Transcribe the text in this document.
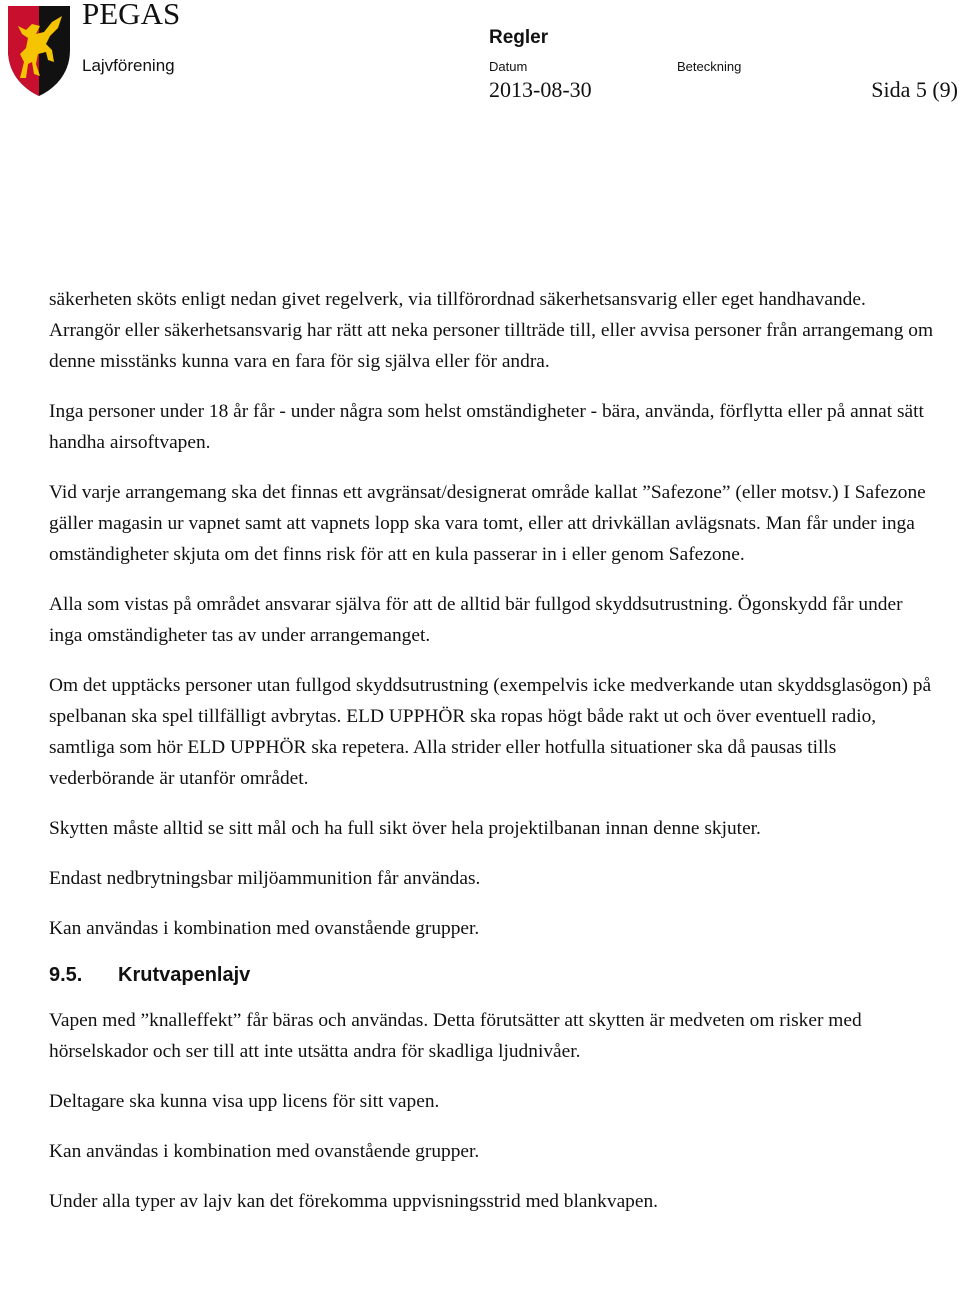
PEGAS
Lajvförening
Regler
Datum	Beteckning
2013-08-30	Sida 5 (9)

säkerheten sköts enligt nedan givet regelverk, via tillförordnad säkerhetsansvarig eller eget handhavande. Arrangör eller säkerhetsansvarig har rätt att neka personer tillträde till, eller avvisa personer från arrangemang om denne misstänks kunna vara en fara för sig själva eller för andra.

Inga personer under 18 år får - under några som helst omständigheter - bära, använda, förflytta eller på annat sätt handha airsoftvapen.

Vid varje arrangemang ska det finnas ett avgränsat/designerat område kallat ”Safezone” (eller motsv.) I Safezone gäller magasin ur vapnet samt att vapnets lopp ska vara tomt, eller att drivkällan avlägsnats. Man får under inga omständigheter skjuta om det finns risk för att en kula passerar in i eller genom Safezone.

Alla som vistas på området ansvarar själva för att de alltid bär fullgod skyddsutrustning. Ögonskydd får under inga omständigheter tas av under arrangemanget.

Om det upptäcks personer utan fullgod skyddsutrustning (exempelvis icke medverkande utan skyddsglasögon) på spelbanan ska spel tillfälligt avbrytas. ELD UPPHÖR ska ropas högt både rakt ut och över eventuell radio, samtliga som hör ELD UPPHÖR ska repetera. Alla strider eller hotfulla situationer ska då pausas tills vederbörande är utanför området.

Skytten måste alltid se sitt mål och ha full sikt över hela projektilbanan innan denne skjuter.

Endast nedbrytningsbar miljöammunition får användas.

Kan användas i kombination med ovanstående grupper.

9.5. Krutvapenlajv

Vapen med ”knalleffekt” får bäras och användas. Detta förutsätter att skytten är medveten om risker med hörselskador och ser till att inte utsätta andra för skadliga ljudnivåer.

Deltagare ska kunna visa upp licens för sitt vapen.

Kan användas i kombination med ovanstående grupper.

Under alla typer av lajv kan det förekomma uppvisningsstrid med blankvapen.
